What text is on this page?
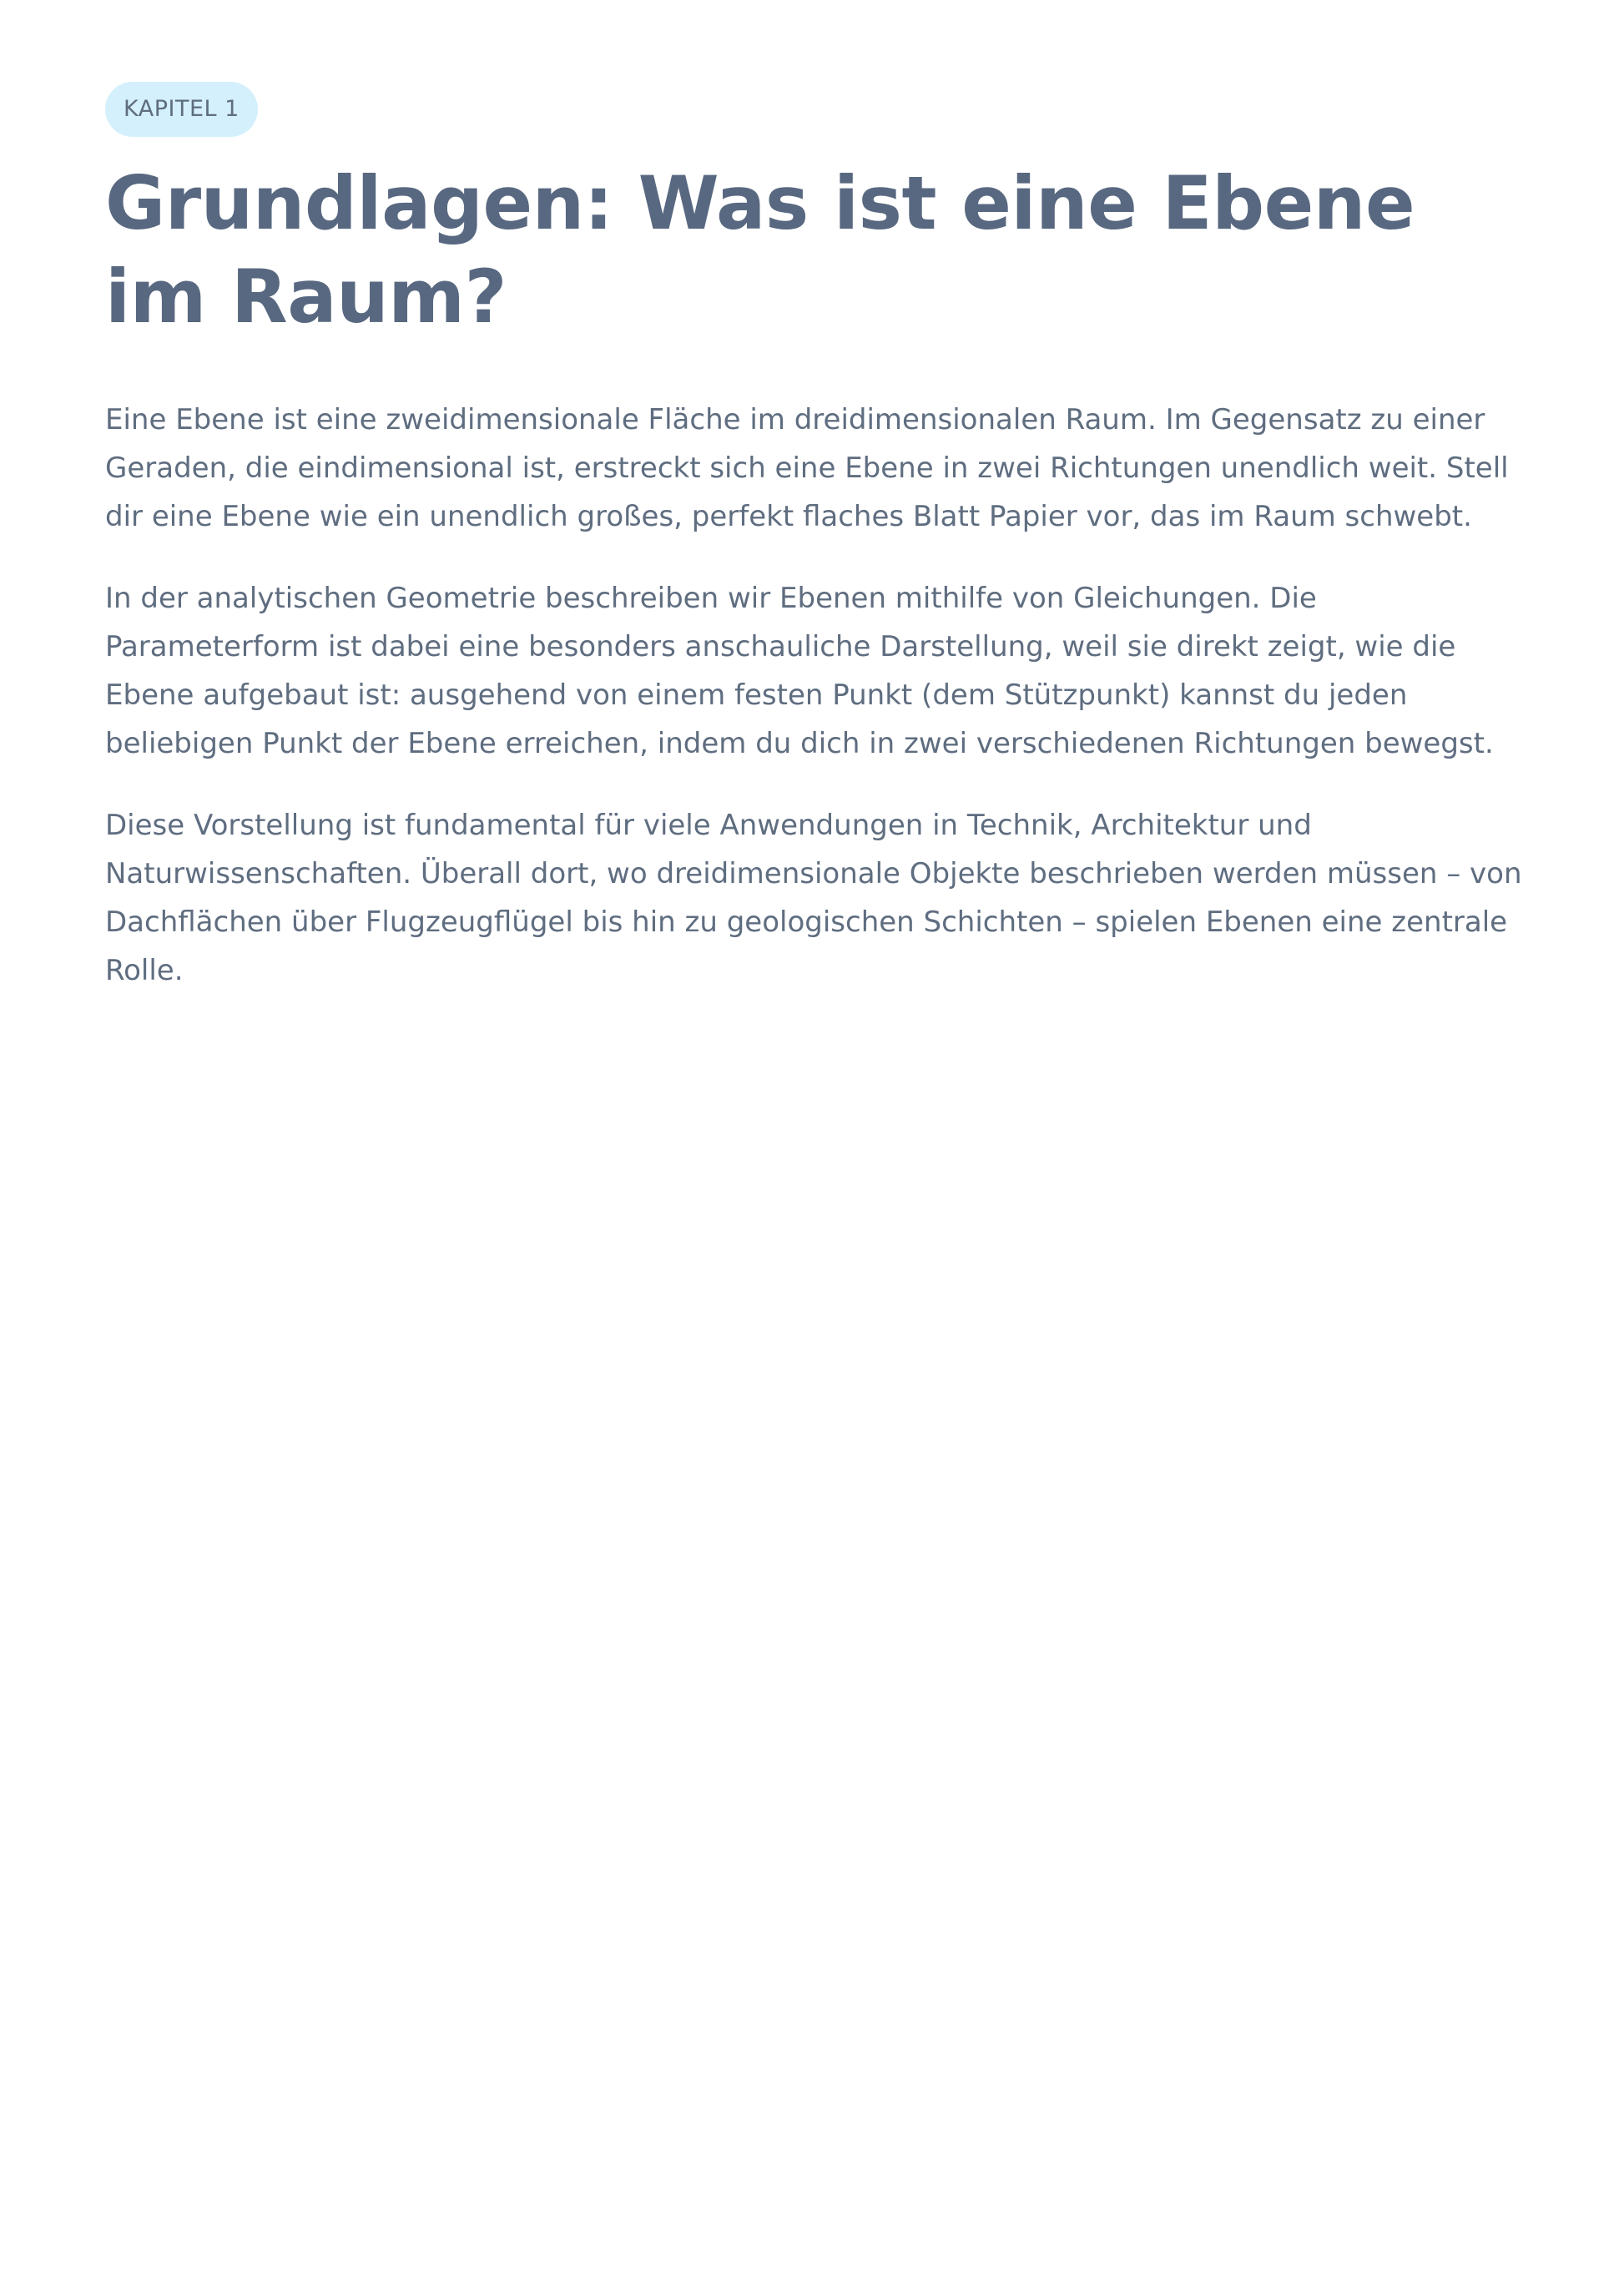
KAPITEL 1
Grundlagen: Was ist eine Ebene im Raum?

Eine Ebene ist eine zweidimensionale Fläche im dreidimensionalen Raum. Im Gegensatz zu einer Geraden, die eindimensional ist, erstreckt sich eine Ebene in zwei Richtungen unendlich weit. Stell dir eine Ebene wie ein unendlich großes, perfekt flaches Blatt Papier vor, das im Raum schwebt.

In der analytischen Geometrie beschreiben wir Ebenen mithilfe von Gleichungen. Die Parameterform ist dabei eine besonders anschauliche Darstellung, weil sie direkt zeigt, wie die Ebene aufgebaut ist: ausgehend von einem festen Punkt (dem Stützpunkt) kannst du jeden beliebigen Punkt der Ebene erreichen, indem du dich in zwei verschiedenen Richtungen bewegst.

Diese Vorstellung ist fundamental für viele Anwendungen in Technik, Architektur und Naturwissenschaften. Überall dort, wo dreidimensionale Objekte beschrieben werden müssen – von Dachflächen über Flugzeugflügel bis hin zu geologischen Schichten – spielen Ebenen eine zentrale Rolle.
